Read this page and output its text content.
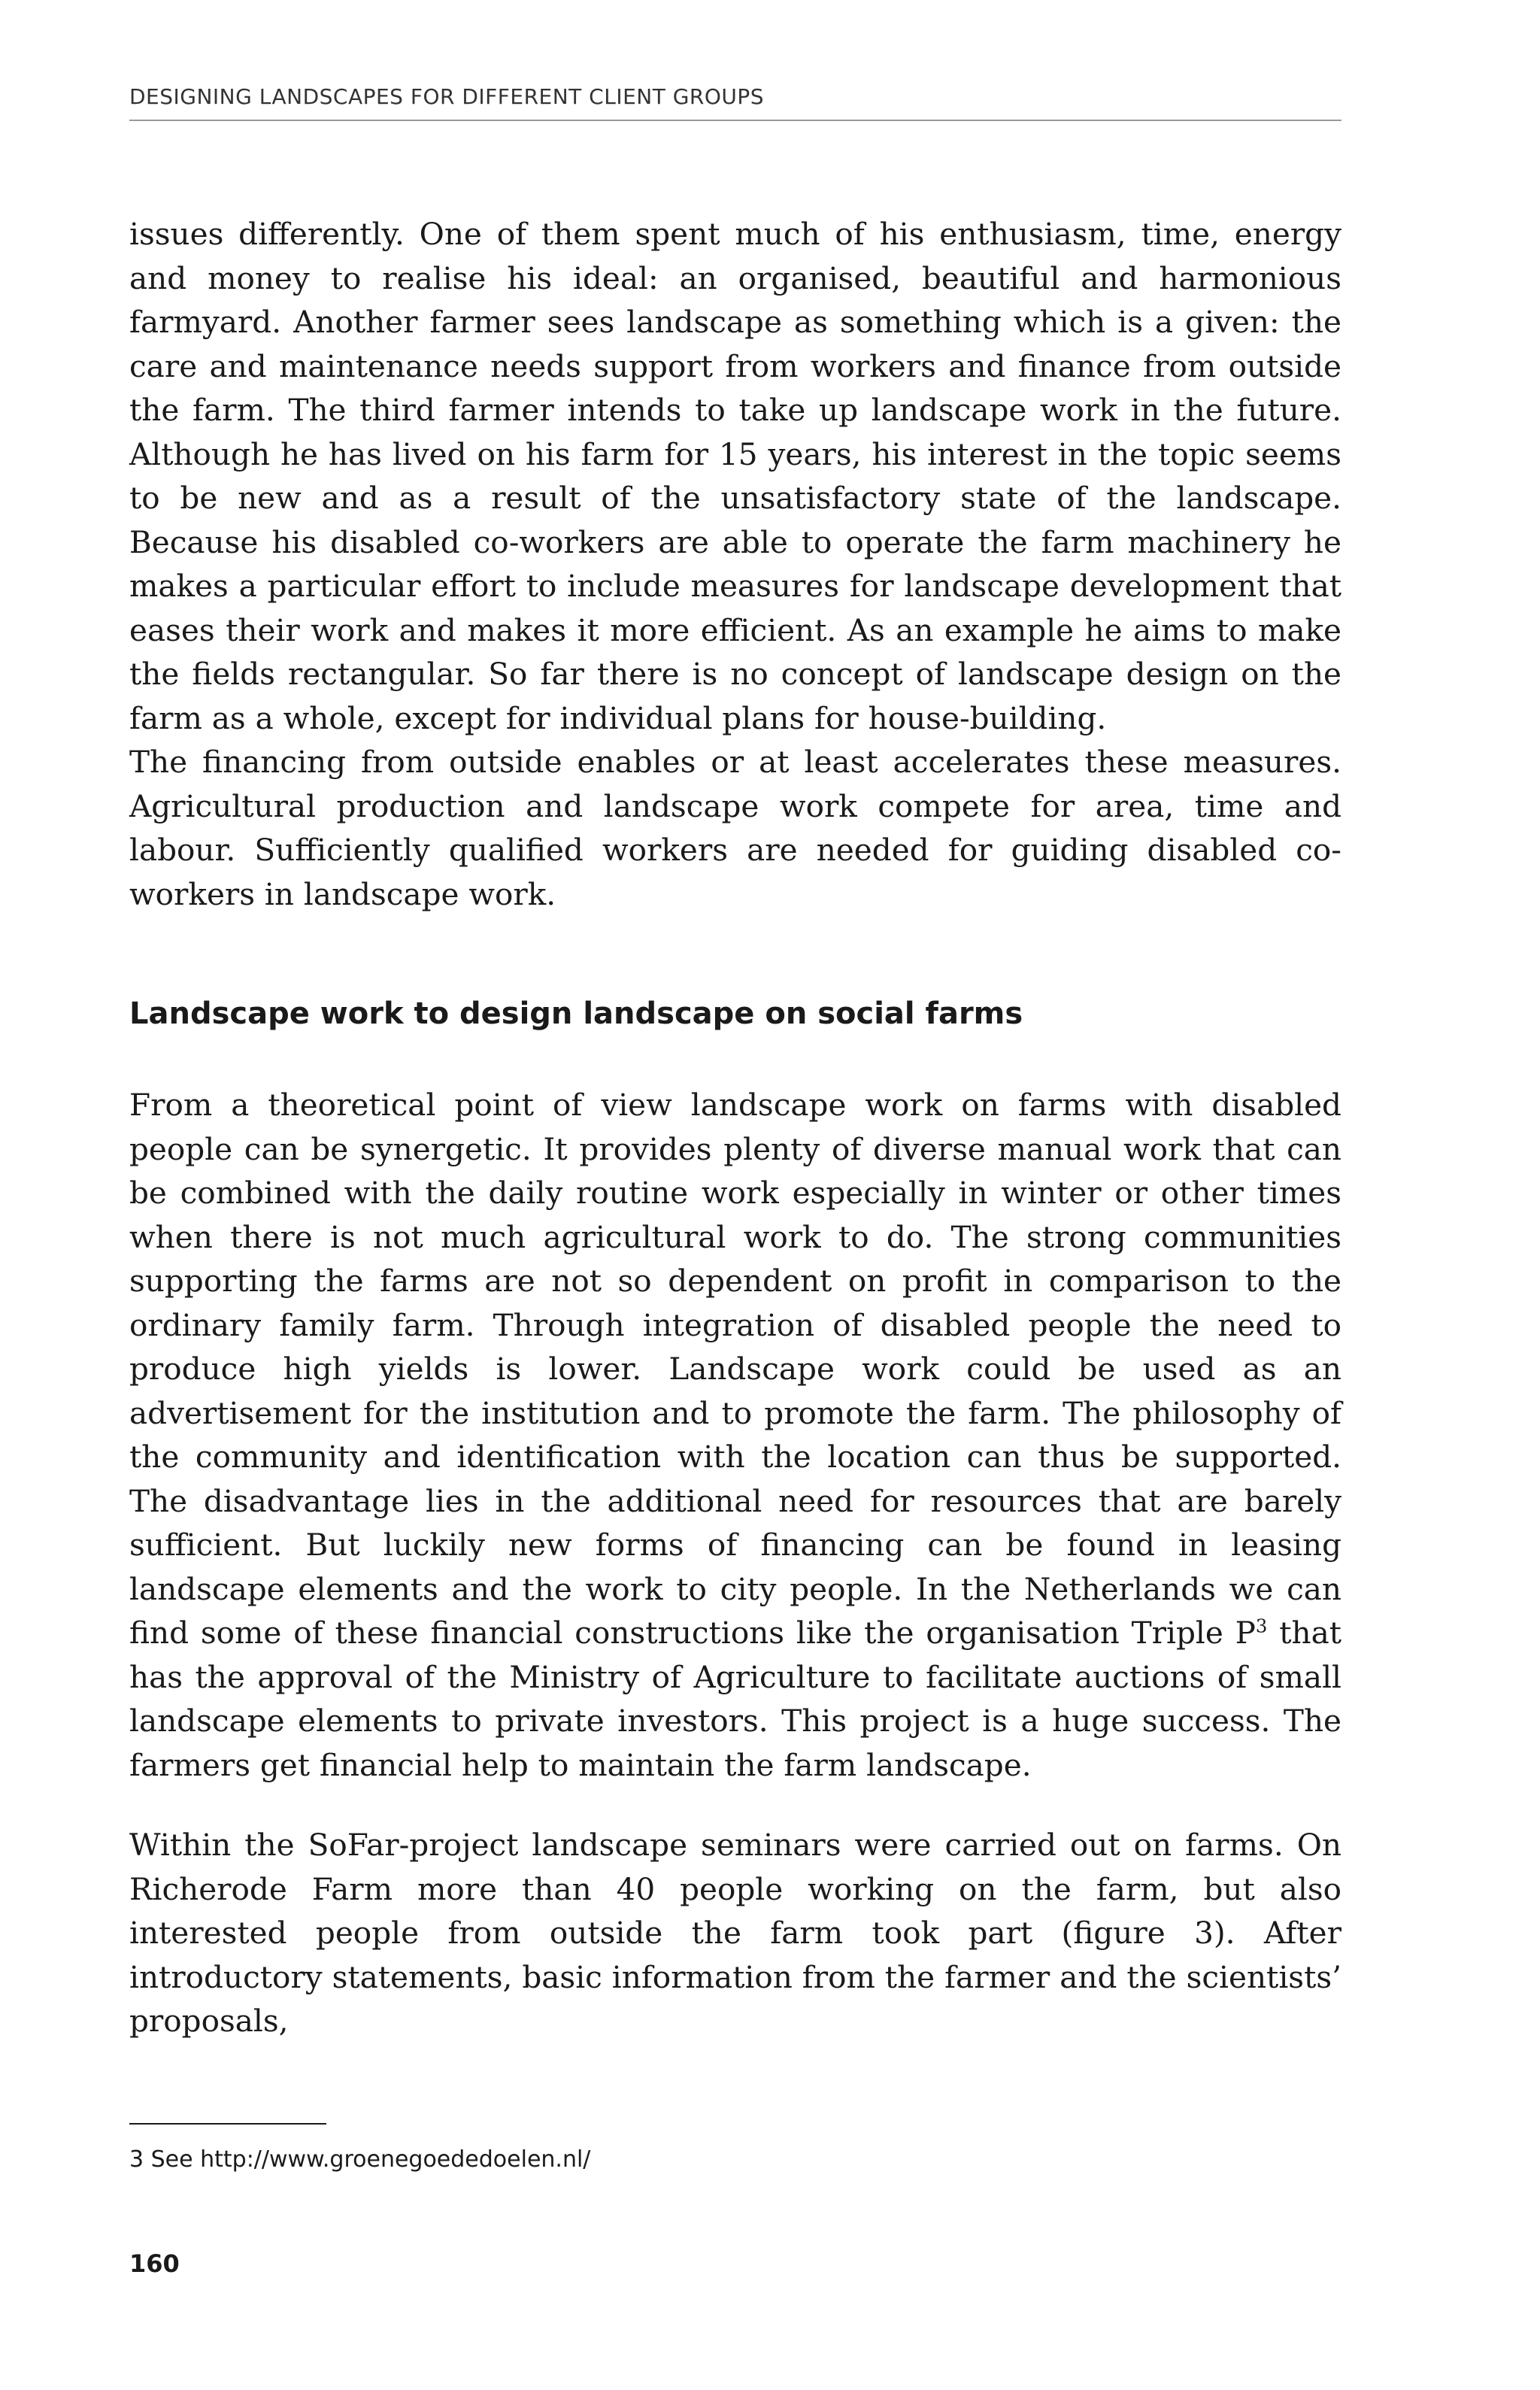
DESIGNING LANDSCAPES FOR DIFFERENT CLIENT GROUPS

issues differently. One of them spent much of his enthusiasm, time, energy and money to realise his ideal: an organised, beautiful and harmonious farmyard. Another farmer sees landscape as something which is a given: the care and maintenance needs support from workers and finance from outside the farm. The third farmer intends to take up landscape work in the future. Although he has lived on his farm for 15 years, his interest in the topic seems to be new and as a result of the unsatisfactory state of the landscape. Because his disabled co-workers are able to operate the farm machinery he makes a particular effort to include measures for landscape development that eases their work and makes it more efficient. As an example he aims to make the fields rectangular. So far there is no concept of landscape design on the farm as a whole, except for individual plans for house-building.

The financing from outside enables or at least accelerates these measures. Agricultural production and landscape work compete for area, time and labour. Sufficiently qualified workers are needed for guiding disabled co-workers in landscape work.

Landscape work to design landscape on social farms

From a theoretical point of view landscape work on farms with disabled people can be synergetic. It provides plenty of diverse manual work that can be combined with the daily routine work especially in winter or other times when there is not much agricultural work to do. The strong communities supporting the farms are not so dependent on profit in comparison to the ordinary family farm. Through integration of disabled people the need to produce high yields is lower. Landscape work could be used as an advertisement for the institution and to promote the farm. The philosophy of the community and identification with the location can thus be supported. The disadvantage lies in the additional need for resources that are barely sufficient. But luckily new forms of financing can be found in leasing landscape elements and the work to city people. In the Netherlands we can find some of these financial constructions like the organisation Triple $P^3$ that has the approval of the Ministry of Agriculture to facilitate auctions of small landscape elements to private investors. This project is a huge success. The farmers get financial help to maintain the farm landscape.

Within the SoFar-project landscape seminars were carried out on farms. On Richerode Farm more than 40 people working on the farm, but also interested people from outside the farm took part (figure 3). After introductory statements, basic information from the farmer and the scientists’ proposals,

3 See http://www.groenegoededoelen.nl/
160
